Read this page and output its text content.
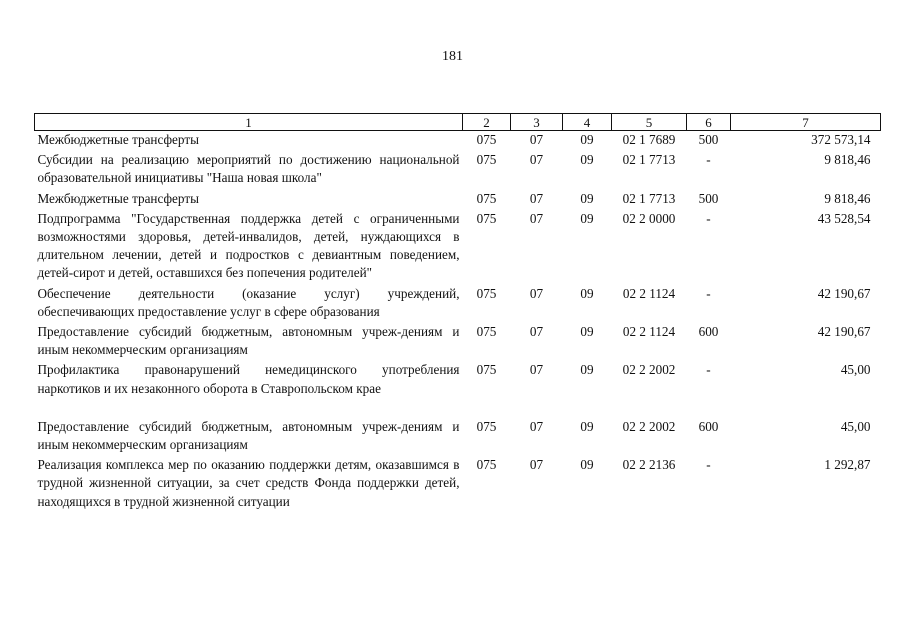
181
1	2	3	4	5	6	7
Межбюджетные трансферты	075	07	09	02 1 7689	500	372 573,14
Субсидии на реализацию мероприятий по достижению национальной образовательной инициативы "Наша новая школа"	075	07	09	02 1 7713	-	9 818,46
Межбюджетные трансферты	075	07	09	02 1 7713	500	9 818,46
Подпрограмма "Государственная поддержка детей с ограниченными возможностями здоровья, детей-инвалидов, детей, нуждающихся в длительном лечении, детей и подростков с девиантным поведением, детей-сирот и детей, оставшихся без попечения родителей"	075	07	09	02 2 0000	-	43 528,54
Обеспечение деятельности (оказание услуг) учреждений, обеспечивающих предоставление услуг в сфере образования	075	07	09	02 2 1124	-	42 190,67
Предоставление субсидий бюджетным, автономным учреж-дениям и иным некоммерческим организациям	075	07	09	02 2 1124	600	42 190,67
Профилактика правонарушений немедицинского употребления наркотиков и их незаконного оборота в Ставропольском крае	075	07	09	02 2 2002	-	45,00
Предоставление субсидий бюджетным, автономным учреж-дениям и иным некоммерческим организациям	075	07	09	02 2 2002	600	45,00
Реализация комплекса мер по оказанию поддержки детям, оказавшимся в трудной жизненной ситуации, за счет средств Фонда поддержки детей, находящихся в трудной жизненной ситуации	075	07	09	02 2 2136	-	1 292,87
